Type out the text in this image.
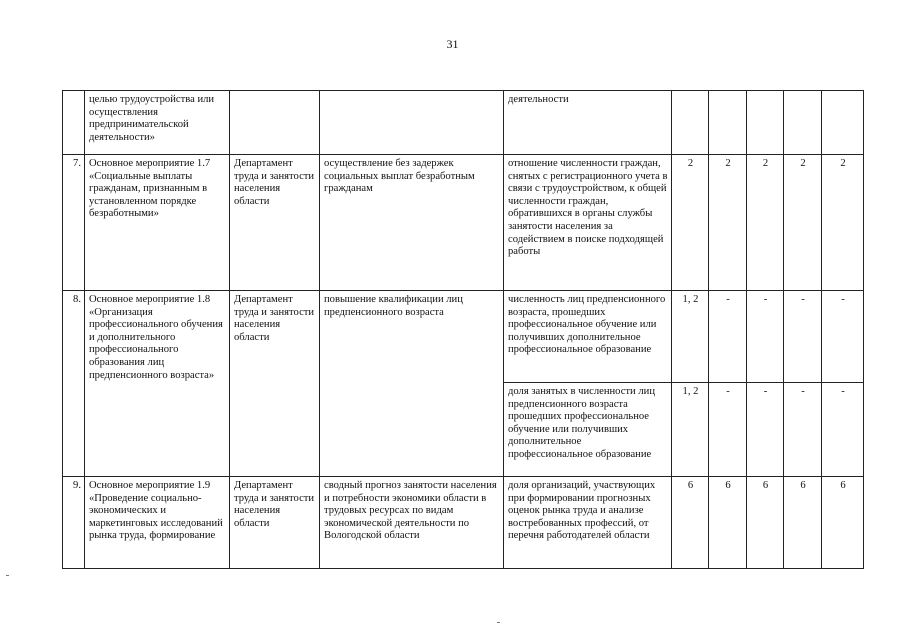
31
	целью трудоустройства или осуществления предпринимательской деятельности»			деятельности					
7.	Основное мероприятие 1.7 «Социальные выплаты гражданам, признанным в установленном порядке безработными»	Департамент труда и занятости населения области	осуществление без задержек социальных выплат безработным гражданам	отношение численности граждан, снятых с регистрационного учета в связи с трудоустройством, к общей численности граждан, обратившихся в органы службы занятости населения за содействием в поиске подходящей работы	2	2	2	2	2
8.	Основное мероприятие 1.8 «Организация профессионального обучения и дополнительного профессионального образования лиц предпенсионного возраста»	Департамент труда и занятости населения области	повышение квалификации лиц предпенсионного возраста	численность лиц предпенсионного возраста, прошедших профессиональное обучение или получивших дополнительное профессиональное образование	1, 2	-	-	-	-
				доля занятых в численности лиц предпенсионного возраста прошедших профессиональное обучение или получивших дополнительное профессиональное образование	1, 2	-	-	-	-
9.	Основное мероприятие 1.9 «Проведение социально-экономических и маркетинговых исследований рынка труда, формирование	Департамент труда и занятости населения области	сводный прогноз занятости населения и потребности экономики области в трудовых ресурсах по видам экономической деятельности по Вологодской области	доля организаций, участвующих при формировании прогнозных оценок рынка труда и анализе востребованных профессий, от перечня работодателей области	6	6	6	6	6
